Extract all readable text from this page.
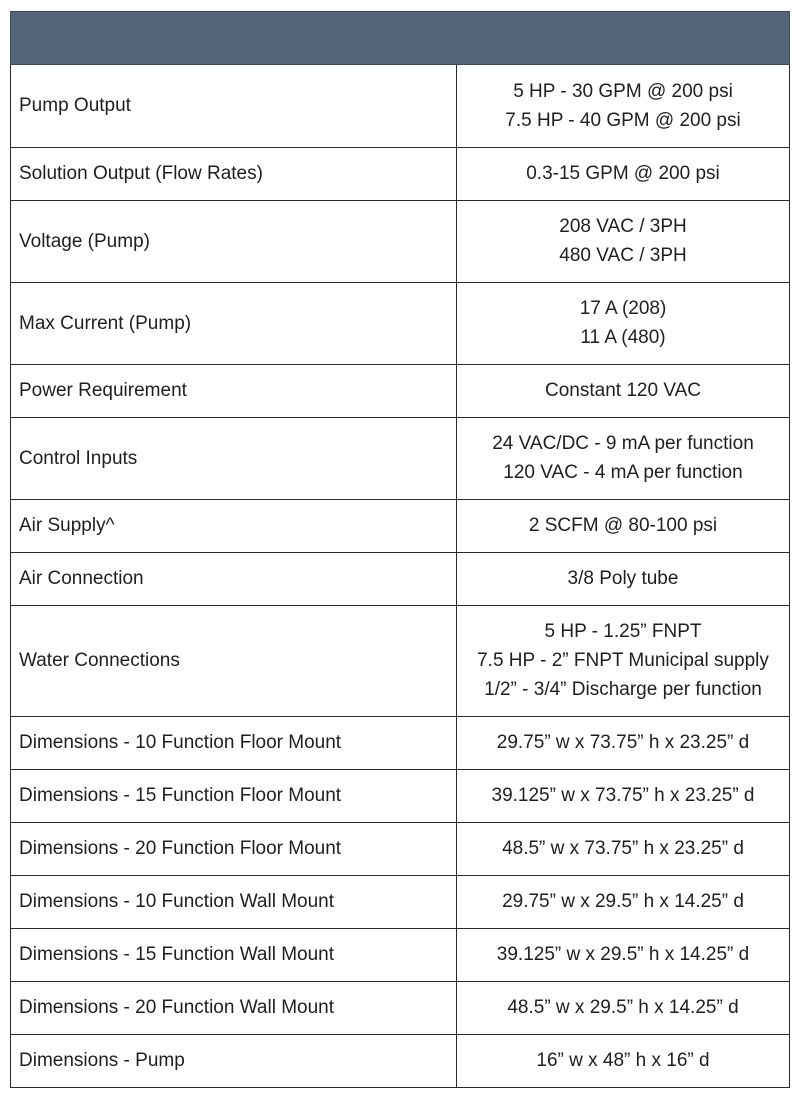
Pump Output	5 HP - 30 GPM @ 200 psi
7.5 HP - 40 GPM @ 200 psi

Solution Output (Flow Rates)	0.3-15 GPM @ 200 psi

Voltage (Pump)	208 VAC / 3PH
480 VAC / 3PH

Max Current (Pump)	17 A (208)
11 A (480)

Power Requirement	Constant 120 VAC

Control Inputs	24 VAC/DC - 9 mA per function
120 VAC - 4 mA per function

Air Supply^	2 SCFM @ 80-100 psi

Air Connection	3/8 Poly tube

Water Connections	5 HP - 1.25” FNPT
7.5 HP - 2” FNPT Municipal supply
1/2” - 3/4” Discharge per function

Dimensions - 10 Function Floor Mount	29.75” w x 73.75” h x 23.25” d

Dimensions - 15 Function Floor Mount	39.125” w x 73.75” h x 23.25” d

Dimensions - 20 Function Floor Mount	48.5” w x 73.75” h x 23.25” d

Dimensions - 10 Function Wall Mount	29.75” w x 29.5” h x 14.25” d

Dimensions - 15 Function Wall Mount	39.125” w x 29.5” h x 14.25” d

Dimensions - 20 Function Wall Mount	48.5” w x 29.5” h x 14.25” d

Dimensions - Pump	16” w x 48” h x 16” d
